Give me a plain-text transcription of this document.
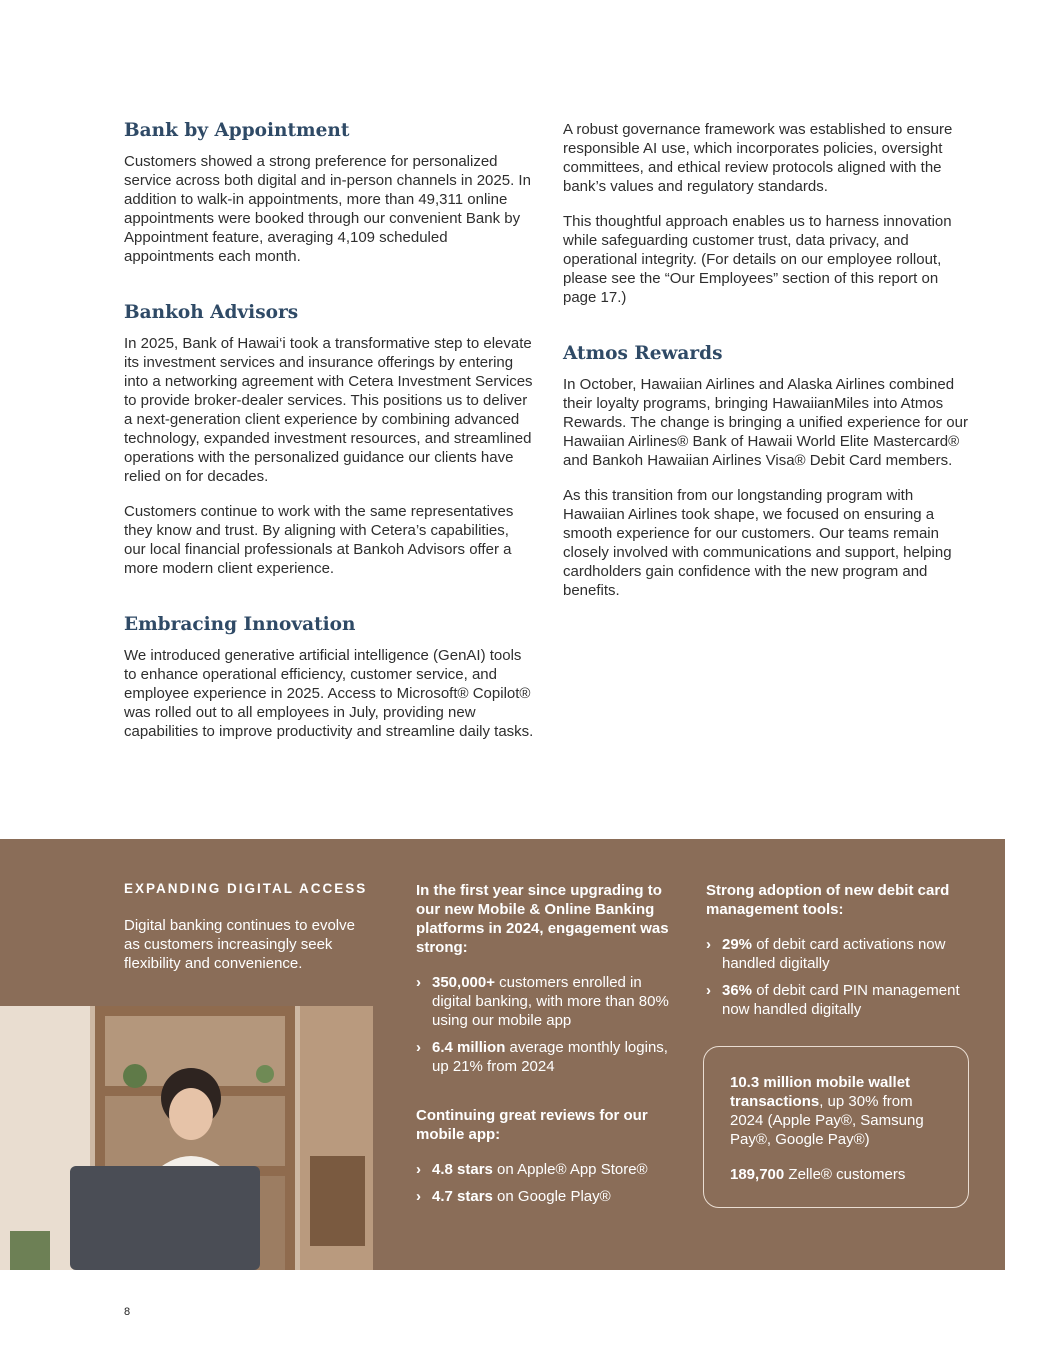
Bank by Appointment

Customers showed a strong preference for personalized service across both digital and in-person channels in 2025. In addition to walk-in appointments, more than 49,311 online appointments were booked through our convenient Bank by Appointment feature, averaging 4,109 scheduled appointments each month.

Bankoh Advisors

In 2025, Bank of Hawai‘i took a transformative step to elevate its investment services and insurance offerings by entering into a networking agreement with Cetera Investment Services to provide broker-dealer services. This positions us to deliver a next-generation client experience by combining advanced technology, expanded investment resources, and streamlined operations with the personalized guidance our clients have relied on for decades.

Customers continue to work with the same representatives they know and trust. By aligning with Cetera’s capabilities, our local financial professionals at Bankoh Advisors offer a more modern client experience.

Embracing Innovation

We introduced generative artificial intelligence (GenAI) tools to enhance operational efficiency, customer service, and employee experience in 2025. Access to Microsoft® Copilot® was rolled out to all employees in July, providing new capabilities to improve productivity and streamline daily tasks.

A robust governance framework was established to ensure responsible AI use, which incorporates policies, oversight committees, and ethical review protocols aligned with the bank’s values and regulatory standards.

This thoughtful approach enables us to harness innovation while safeguarding customer trust, data privacy, and operational integrity. (For details on our employee rollout, please see the “Our Employees” section of this report on page 17.)

Atmos Rewards

In October, Hawaiian Airlines and Alaska Airlines combined their loyalty programs, bringing HawaiianMiles into Atmos Rewards. The change is bringing a unified experience for our Hawaiian Airlines® Bank of Hawaii World Elite Mastercard® and Bankoh Hawaiian Airlines Visa® Debit Card members.

As this transition from our longstanding program with Hawaiian Airlines took shape, we focused on ensuring a smooth experience for our customers. Our teams remain closely involved with communications and support, helping cardholders gain confidence with the new program and benefits.

EXPANDING DIGITAL ACCESS
Digital banking continues to evolve as customers increasingly seek flexibility and convenience.
In the first year since upgrading to our new Mobile & Online Banking platforms in 2024, engagement was strong:
› 350,000+ customers enrolled in digital banking, with more than 80% using our mobile app
› 6.4 million average monthly logins, up 21% from 2024
Continuing great reviews for our mobile app:
› 4.8 stars on Apple® App Store®
› 4.7 stars on Google Play®
Strong adoption of new debit card management tools:
› 29% of debit card activations now handled digitally
› 36% of debit card PIN management now handled digitally

10.3 million mobile wallet transactions, up 30% from 2024 (Apple Pay®, Samsung Pay®, Google Pay®)

189,700 Zelle® customers

8
